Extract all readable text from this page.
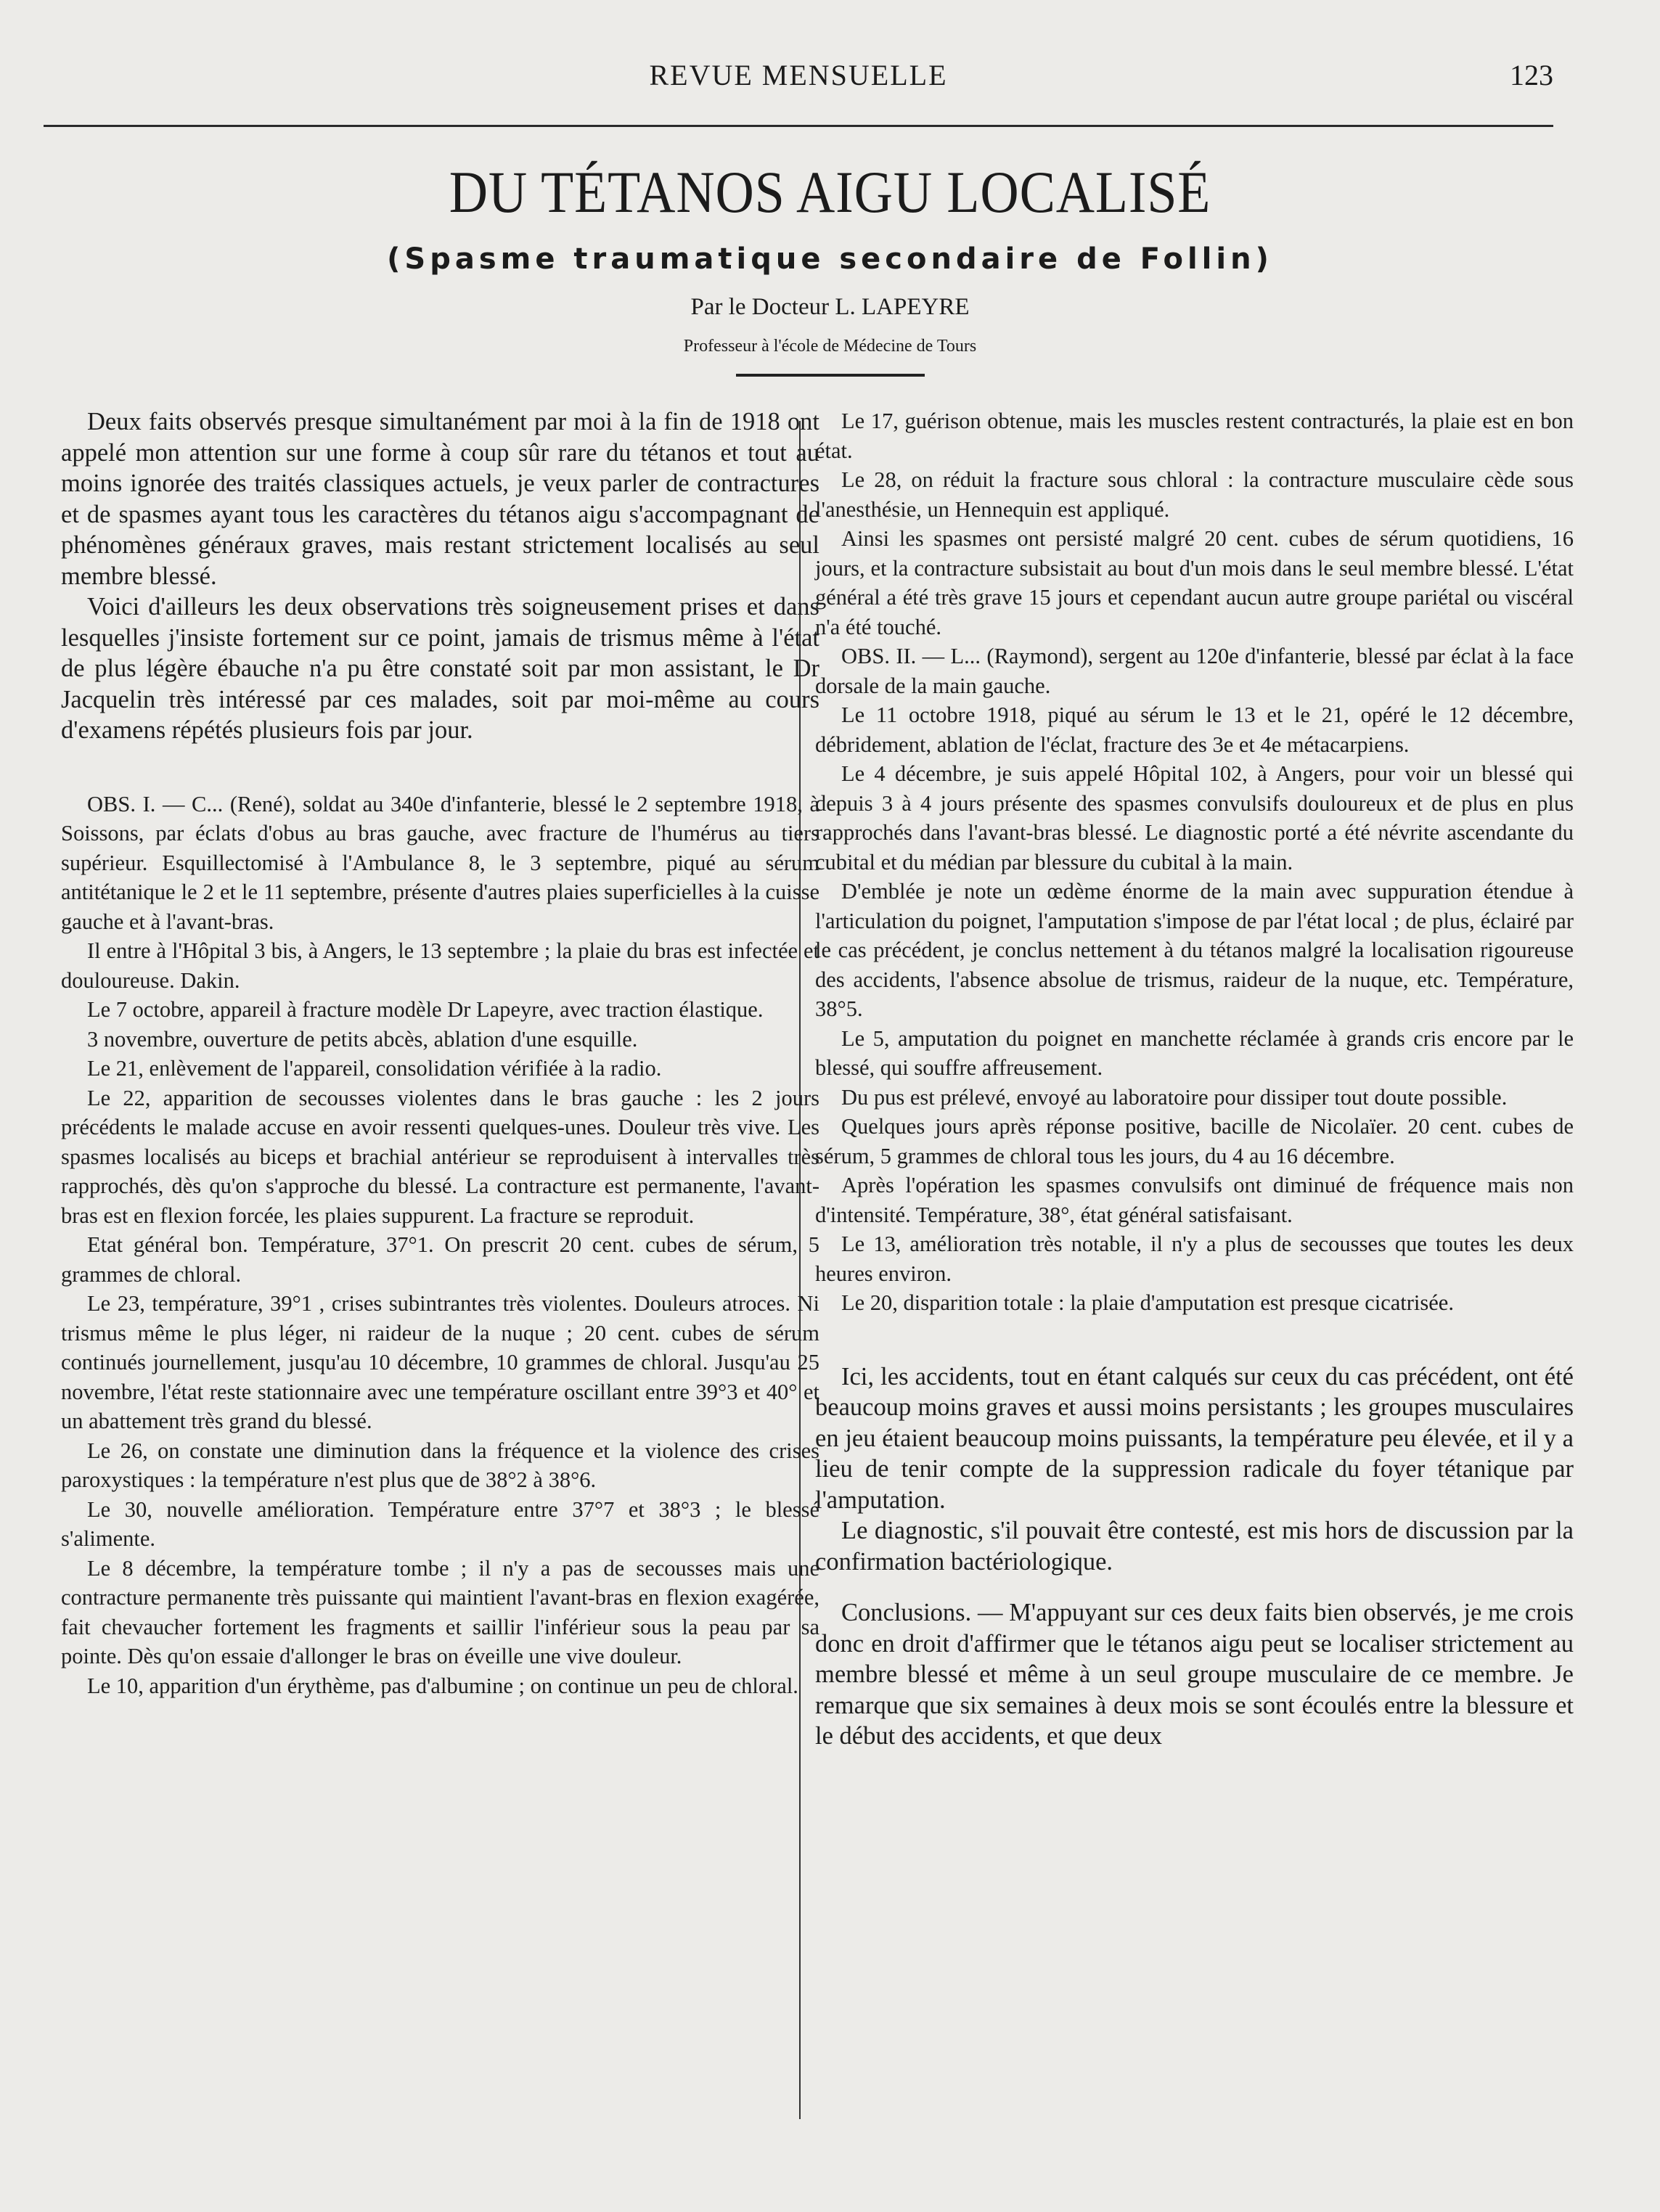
REVUE MENSUELLE	123
DU TÉTANOS AIGU LOCALISÉ
(Spasme traumatique secondaire de Follin)
Par le Docteur L. LAPEYRE
Professeur à l'école de Médecine de Tours

Deux faits observés presque simultanément par moi à la fin de 1918 ont appelé mon attention sur une forme à coup sûr rare du tétanos et tout au moins ignorée des traités classiques actuels, je veux parler de contractures et de spasmes ayant tous les caractères du tétanos aigu s'accompagnant de phénomènes généraux graves, mais restant strictement localisés au seul membre blessé.

Voici d'ailleurs les deux observations très soigneusement prises et dans lesquelles j'insiste fortement sur ce point, jamais de trismus même à l'état de plus légère ébauche n'a pu être constaté soit par mon assistant, le Dr Jacquelin très intéressé par ces malades, soit par moi-même au cours d'examens répétés plusieurs fois par jour.

OBS. I. — C... (René), soldat au 340e d'infanterie, blessé le 2 septembre 1918, à Soissons, par éclats d'obus au bras gauche, avec fracture de l'humérus au tiers supérieur. Esquillectomisé à l'Ambulance 8, le 3 septembre, piqué au sérum antitétanique le 2 et le 11 septembre, présente d'autres plaies superficielles à la cuisse gauche et à l'avant-bras.

Il entre à l'Hôpital 3 bis, à Angers, le 13 septembre ; la plaie du bras est infectée et douloureuse. Dakin.

Le 7 octobre, appareil à fracture modèle Dr Lapeyre, avec traction élastique.

3 novembre, ouverture de petits abcès, ablation d'une esquille.

Le 21, enlèvement de l'appareil, consolidation vérifiée à la radio.

Le 22, apparition de secousses violentes dans le bras gauche : les 2 jours précédents le malade accuse en avoir ressenti quelques-unes. Douleur très vive. Les spasmes localisés au biceps et brachial antérieur se reproduisent à intervalles très rapprochés, dès qu'on s'approche du blessé. La contracture est permanente, l'avant-bras est en flexion forcée, les plaies suppurent. La fracture se reproduit.

Etat général bon. Température, 37°1. On prescrit 20 cent. cubes de sérum, 5 grammes de chloral.

Le 23, température, 39°1 , crises subintrantes très violentes. Douleurs atroces. Ni trismus même le plus léger, ni raideur de la nuque ; 20 cent. cubes de sérum continués journellement, jusqu'au 10 décembre, 10 grammes de chloral. Jusqu'au 25 novembre, l'état reste stationnaire avec une température oscillant entre 39°3 et 40° et un abattement très grand du blessé.

Le 26, on constate une diminution dans la fréquence et la violence des crises paroxystiques : la température n'est plus que de 38°2 à 38°6.

Le 30, nouvelle amélioration. Température entre 37°7 et 38°3 ; le blessé s'alimente.

Le 8 décembre, la température tombe ; il n'y a pas de secousses mais une contracture permanente très puissante qui maintient l'avant-bras en flexion exagérée, fait chevaucher fortement les fragments et saillir l'inférieur sous la peau par sa pointe. Dès qu'on essaie d'allonger le bras on éveille une vive douleur.

Le 10, apparition d'un érythème, pas d'albumine ; on continue un peu de chloral.

Le 17, guérison obtenue, mais les muscles restent contracturés, la plaie est en bon état.

Le 28, on réduit la fracture sous chloral : la contracture musculaire cède sous l'anesthésie, un Hennequin est appliqué.

Ainsi les spasmes ont persisté malgré 20 cent. cubes de sérum quotidiens, 16 jours, et la contracture subsistait au bout d'un mois dans le seul membre blessé. L'état général a été très grave 15 jours et cependant aucun autre groupe pariétal ou viscéral n'a été touché.

OBS. II. — L... (Raymond), sergent au 120e d'infanterie, blessé par éclat à la face dorsale de la main gauche.

Le 11 octobre 1918, piqué au sérum le 13 et le 21, opéré le 12 décembre, débridement, ablation de l'éclat, fracture des 3e et 4e métacarpiens.

Le 4 décembre, je suis appelé Hôpital 102, à Angers, pour voir un blessé qui depuis 3 à 4 jours présente des spasmes convulsifs douloureux et de plus en plus rapprochés dans l'avant-bras blessé. Le diagnostic porté a été névrite ascendante du cubital et du médian par blessure du cubital à la main.

D'emblée je note un œdème énorme de la main avec suppuration étendue à l'articulation du poignet, l'amputation s'impose de par l'état local ; de plus, éclairé par le cas précédent, je conclus nettement à du tétanos malgré la localisation rigoureuse des accidents, l'absence absolue de trismus, raideur de la nuque, etc. Température, 38°5.

Le 5, amputation du poignet en manchette réclamée à grands cris encore par le blessé, qui souffre affreusement.

Du pus est prélevé, envoyé au laboratoire pour dissiper tout doute possible.

Quelques jours après réponse positive, bacille de Nicolaïer. 20 cent. cubes de sérum, 5 grammes de chloral tous les jours, du 4 au 16 décembre.

Après l'opération les spasmes convulsifs ont diminué de fréquence mais non d'intensité. Température, 38°, état général satisfaisant.

Le 13, amélioration très notable, il n'y a plus de secousses que toutes les deux heures environ.

Le 20, disparition totale : la plaie d'amputation est presque cicatrisée.

Ici, les accidents, tout en étant calqués sur ceux du cas précédent, ont été beaucoup moins graves et aussi moins persistants ; les groupes musculaires en jeu étaient beaucoup moins puissants, la température peu élevée, et il y a lieu de tenir compte de la suppression radicale du foyer tétanique par l'amputation.

Le diagnostic, s'il pouvait être contesté, est mis hors de discussion par la confirmation bactériologique.

Conclusions. — M'appuyant sur ces deux faits bien observés, je me crois donc en droit d'affirmer que le tétanos aigu peut se localiser strictement au membre blessé et même à un seul groupe musculaire de ce membre. Je remarque que six semaines à deux mois se sont écoulés entre la blessure et le début des accidents, et que deux
